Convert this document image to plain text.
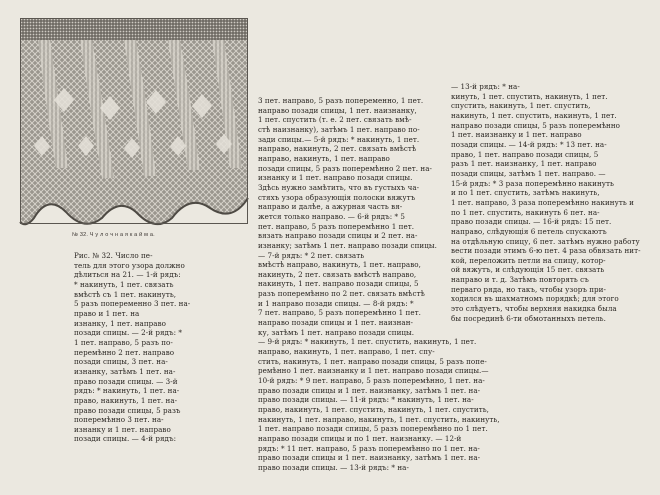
№ 32. Ч у л о ч н а я к а й м а.
Рис. № 32. Число пе-
тель для этого узора должно
дѣлиться на 21. — 1-й рядъ:
* накинуть, 1 пет. связать
вмѣстѣ съ 1 пет. накинуть,
5 разъ попеременно 3 пет. на-
право и 1 пет. на
изнанку, 1 пет. направо
позади спицы. — 2-й рядъ: *
1 пет. направо, 5 разъ по-
перемѣнно 2 пет. направо
позади спицы, 3 пет. на-
изнанку, затѣмъ 1 пет. на-
право позади спицы. — 3-й
рядъ: * накинуть, 1 пет. на-
право, накинуть, 1 пет. на-
право позади спицы, 5 разъ
поперемѣнно 3 пет. на-
изнанку и 1 пет. направо
позади спицы. — 4-й рядъ:
3 пет. направо, 5 разъ попеременно, 1 пет.
направо позади спицы, 1 пет. наизнанку,
1 пет. спустить (т. е. 2 пет. связать вмѣ-
стѣ наизнанку), затѣмъ 1 пет. направо по-
зади спицы.— 5-й рядъ: * накинуть, 1 пет.
направо, накинуть, 2 пет. связать вмѣстѣ
направо, накинуть, 1 пет. направо
позади спицы, 5 разъ поперемѣнно 2 пет. на-
изнанку и 1 пет. направо позади спицы.
Здѣсь нужно замѣтить, что въ густыхъ ча-
стяхъ узора образующія полоски вяжутъ
направо и далѣе, а ажурная часть вя-
жется только направо. — 6-й рядъ: * 5
пет. направо, 5 разъ поперемѣнно 1 пет.
вязать направо позади спицы и 2 пет. на-
изнанку; затѣмъ 1 пет. направо позади спицы.
— 7-й рядъ: * 2 пет. связать
вмѣстѣ направо, накинуть, 1 пет. направо,
накинуть, 2 пет. связать вмѣстѣ направо,
накинуть, 1 пет. направо позади спицы, 5
разъ поперемѣнно по 2 пет. связать вмѣстѣ
и 1 направо позади спицы. — 8-й рядъ: *
7 пет. направо, 5 разъ поперемѣнно 1 пет.
направо позади спицы и 1 пет. наизнан-
ку, затѣмъ 1 пет. направо позади спицы.
— 9-й рядъ: * накинуть, 1 пет. спустить, накинуть, 1 пет.
направо, накинуть, 1 пет. направо, 1 пет. спу-
стить, накинуть, 1 пет. направо позади спицы, 5 разъ попе-
ремѣнно 1 пет. наизнанку и 1 пет. направо позади спицы.—
10-й рядъ: * 9 пет. направо, 5 разъ поперемѣнно, 1 пет. на-
право позади спицы и 1 пет. наизнанку, затѣмъ 1 пет. на-
право позади спицы. — 11-й рядъ: * накинуть, 1 пет. на-
право, накинуть, 1 пет. спустить, накинуть, 1 пет. спустить,
накинуть, 1 пет. направо, накинуть, 1 пет. спустить, накинуть,
1 пет. направо позади спицы, 5 разъ поперемѣнно по 1 пет.
направо позади спицы и по 1 пет. наизнанку. — 12-й
рядъ: * 11 пет. направо, 5 разъ поперемѣнно по 1 пет. на-
право позади спицы и 1 пет. наизнанку, затѣмъ 1 пет. на-
право позади спицы. — 13-й рядъ: * на-
— 13-й рядъ: * на-
кинуть, 1 пет. спустить, накинуть, 1 пет.
спустить, накинуть, 1 пет. спустить,
накинуть, 1 пет. спустить, накинуть, 1 пет.
направо позади спицы, 5 разъ поперемѣнно
1 пет. наизнанку и 1 пет. направо
позади спицы. — 14-й рядъ: * 13 пет. на-
право, 1 пет. направо позади спицы, 5
разъ 1 пет. наизнанку, 1 пет. направо
позади спицы, затѣмъ 1 пет. направо. —
15-й рядъ: * 3 раза поперемѣнно накинуть
и по 1 пет. спустить, затѣмъ накинуть,
1 пет. направо, 3 раза поперемѣнно накинуть и
по 1 пет. спустить, накинуть 6 пет. на-
право позади спицы. — 16-й рядъ: 15 пет.
направо, слѣдующія 6 петель спускаютъ
на отдѣльную спицу, 6 пет. затѣмъ нужно работу
вести позади этимъ 6-ю пет. 4 раза обвязать нит-
кой, переложить петли на спицу, котор-
ой вяжутъ, и слѣдующія 15 пет. связать
направо и т. д. Затѣмъ повторять съ
перваго ряда, но такъ, чтобы узоръ при-
ходился въ шахматномъ порядкѣ; для этого
это слѣдуетъ, чтобы верхняя накидка была
бы посрединѣ 6-ти обмотанныхъ петель.
